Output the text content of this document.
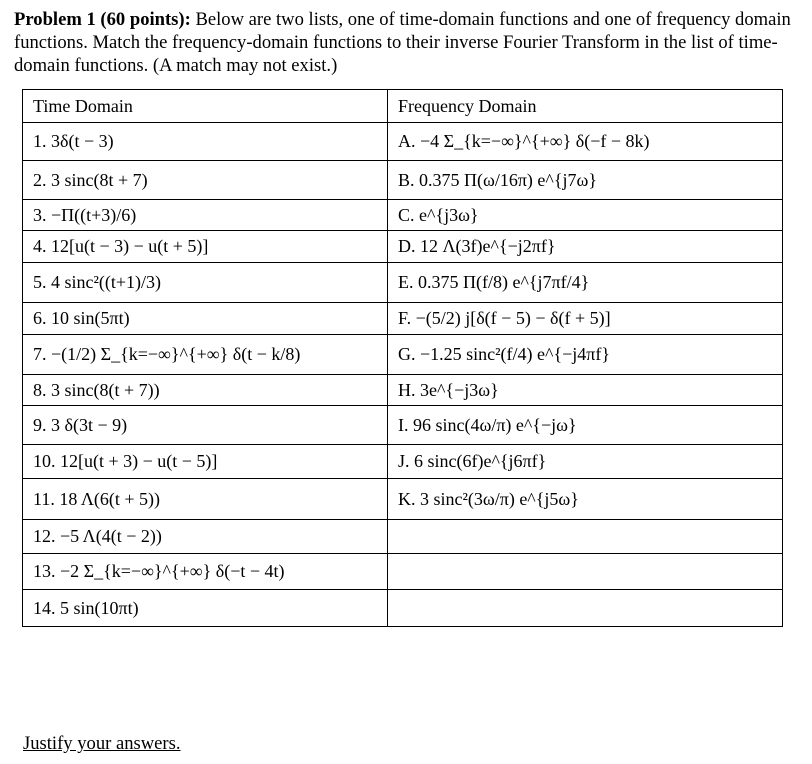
Problem 1 (60 points): Below are two lists, one of time-domain functions and one of frequency domain functions. Match the frequency-domain functions to their inverse Fourier Transform in the list of time-domain functions. (A match may not exist.)
Time Domain	Frequency Domain
1. 3δ(t − 3)	A. −4 Σ_{k=−∞}^{+∞} δ(−f − 8k)
2. 3 sinc(8t + 7)	B. 0.375 Π(ω/16π) e^{j7ω}
3. −Π((t+3)/6)	C. e^{j3ω}
4. 12[u(t − 3) − u(t + 5)]	D. 12 Λ(3f)e^{−j2πf}
5. 4 sinc²((t+1)/3)	E. 0.375 Π(f/8) e^{j7πf/4}
6. 10 sin(5πt)	F. −(5/2) j[δ(f − 5) − δ(f + 5)]
7. −(1/2) Σ_{k=−∞}^{+∞} δ(t − k/8)	G. −1.25 sinc²(f/4) e^{−j4πf}
8. 3 sinc(8(t + 7))	H. 3e^{−j3ω}
9. 3 δ(3t − 9)	I. 96 sinc(4ω/π) e^{−jω}
10. 12[u(t + 3) − u(t − 5)]	J. 6 sinc(6f)e^{j6πf}
11. 18 Λ(6(t + 5))	K. 3 sinc²(3ω/π) e^{j5ω}
12. −5 Λ(4(t − 2))	
13. −2 Σ_{k=−∞}^{+∞} δ(−t − 4t)	
14. 5 sin(10πt)	
Justify your answers.
